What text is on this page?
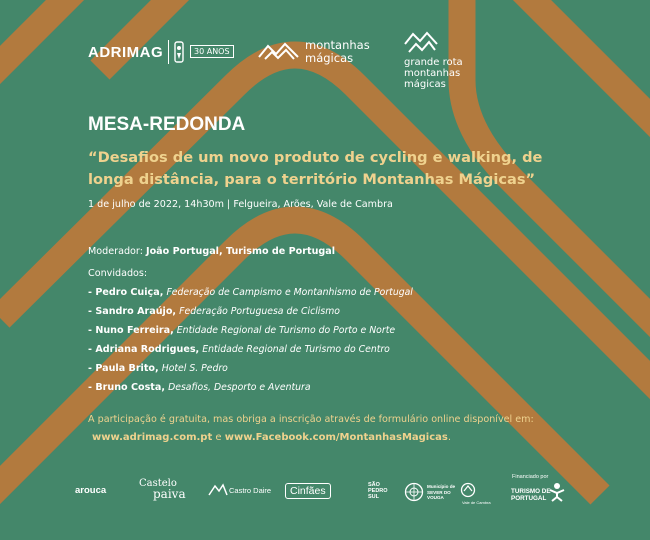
ADRIMAG	30 ANOS	montanhas
mágicas	grande rota
montanhas
mágicas
MESA-REDONDA
“Desafios de um novo produto de cycling e walking, de longa distância, para o território Montanhas Mágicas”
1 de julho de 2022, 14h30m | Felgueira, Arões, Vale de Cambra
Moderador: João Portugal, Turismo de Portugal
Convidados:
- Pedro Cuiça, Federação de Campismo e Montanhismo de Portugal
- Sandro Araújo, Federação Portuguesa de Ciclismo
- Nuno Ferreira, Entidade Regional de Turismo do Porto e Norte
- Adriana Rodrigues, Entidade Regional de Turismo do Centro
- Paula Brito, Hotel S. Pedro
- Bruno Costa, Desafios, Desporto e Aventura
A participação é gratuita, mas obriga a inscrição através de formulário online disponível em:
www.adrimag.com.pt e www.Facebook.com/MontanhasMagicas.
arouca
Castelo
paiva	Castro Daire	Cinfães	SÃO
PEDRO
SUL
Município de
SEVER DO
VOUGA
Vale de Cambra
Financiado por
TURISMO DE
PORTUGAL
